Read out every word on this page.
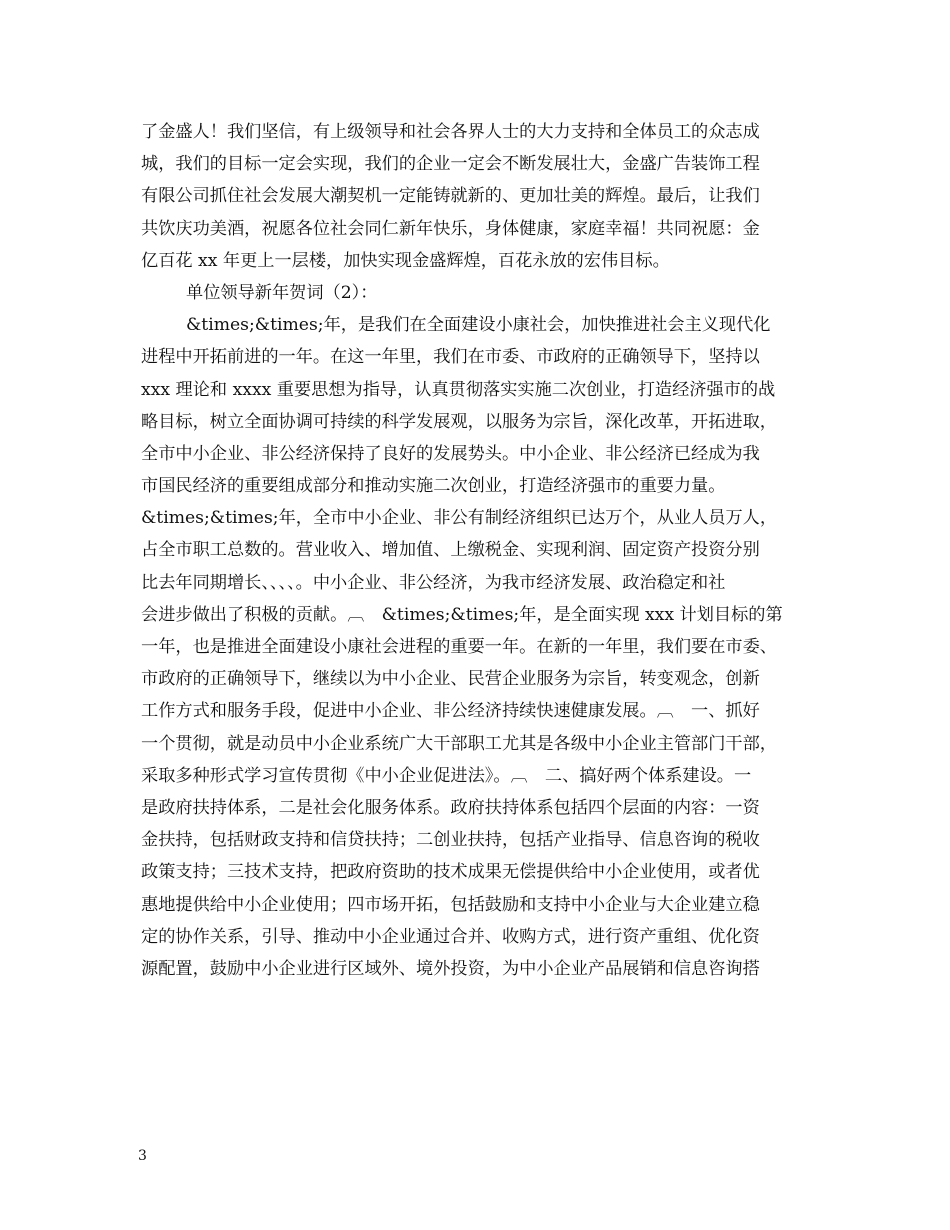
了金盛人！我们坚信，有上级领导和社会各界人士的大力支持和全体员工的众志成
城，我们的目标一定会实现，我们的企业一定会不断发展壮大，金盛广告装饰工程
有限公司抓住社会发展大潮契机一定能铸就新的、更加壮美的辉煌。最后，让我们
共饮庆功美酒，祝愿各位社会同仁新年快乐，身体健康，家庭幸福！共同祝愿：金
亿百花 xx 年更上一层楼，加快实现金盛辉煌，百花永放的宏伟目标。
单位领导新年贺词（2）：
&times;&times;年，是我们在全面建设小康社会，加快推进社会主义现代化
进程中开拓前进的一年。在这一年里，我们在市委、市政府的正确领导下，坚持以
xxx 理论和 xxxx 重要思想为指导，认真贯彻落实实施二次创业，打造经济强市的战
略目标，树立全面协调可持续的科学发展观，以服务为宗旨，深化改革，开拓进取，
全市中小企业、非公经济保持了良好的发展势头。中小企业、非公经济已经成为我
市国民经济的重要组成部分和推动实施二次创业，打造经济强市的重要力量。
&times;&times;年，全市中小企业、非公有制经济组织已达万个，从业人员万人，
占全市职工总数的。营业收入、增加值、上缴税金、实现利润、固定资产投资分别
比去年同期增长、、、、。中小企业、非公经济，为我市经济发展、政治稳定和社
会进步做出了积极的贡献。︹　&times;&times;年，是全面实现 xxx 计划目标的第
一年，也是推进全面建设小康社会进程的重要一年。在新的一年里，我们要在市委、
市政府的正确领导下，继续以为中小企业、民营企业服务为宗旨，转变观念，创新
工作方式和服务手段，促进中小企业、非公经济持续快速健康发展。︹　一、抓好
一个贯彻，就是动员中小企业系统广大干部职工尤其是各级中小企业主管部门干部，
采取多种形式学习宣传贯彻《中小企业促进法》。︹　二、搞好两个体系建设。一
是政府扶持体系，二是社会化服务体系。政府扶持体系包括四个层面的内容：一资
金扶持，包括财政支持和信贷扶持；二创业扶持，包括产业指导、信息咨询的税收
政策支持；三技术支持，把政府资助的技术成果无偿提供给中小企业使用，或者优
惠地提供给中小企业使用；四市场开拓，包括鼓励和支持中小企业与大企业建立稳
定的协作关系，引导、推动中小企业通过合并、收购方式，进行资产重组、优化资
源配置，鼓励中小企业进行区域外、境外投资，为中小企业产品展销和信息咨询搭
3
